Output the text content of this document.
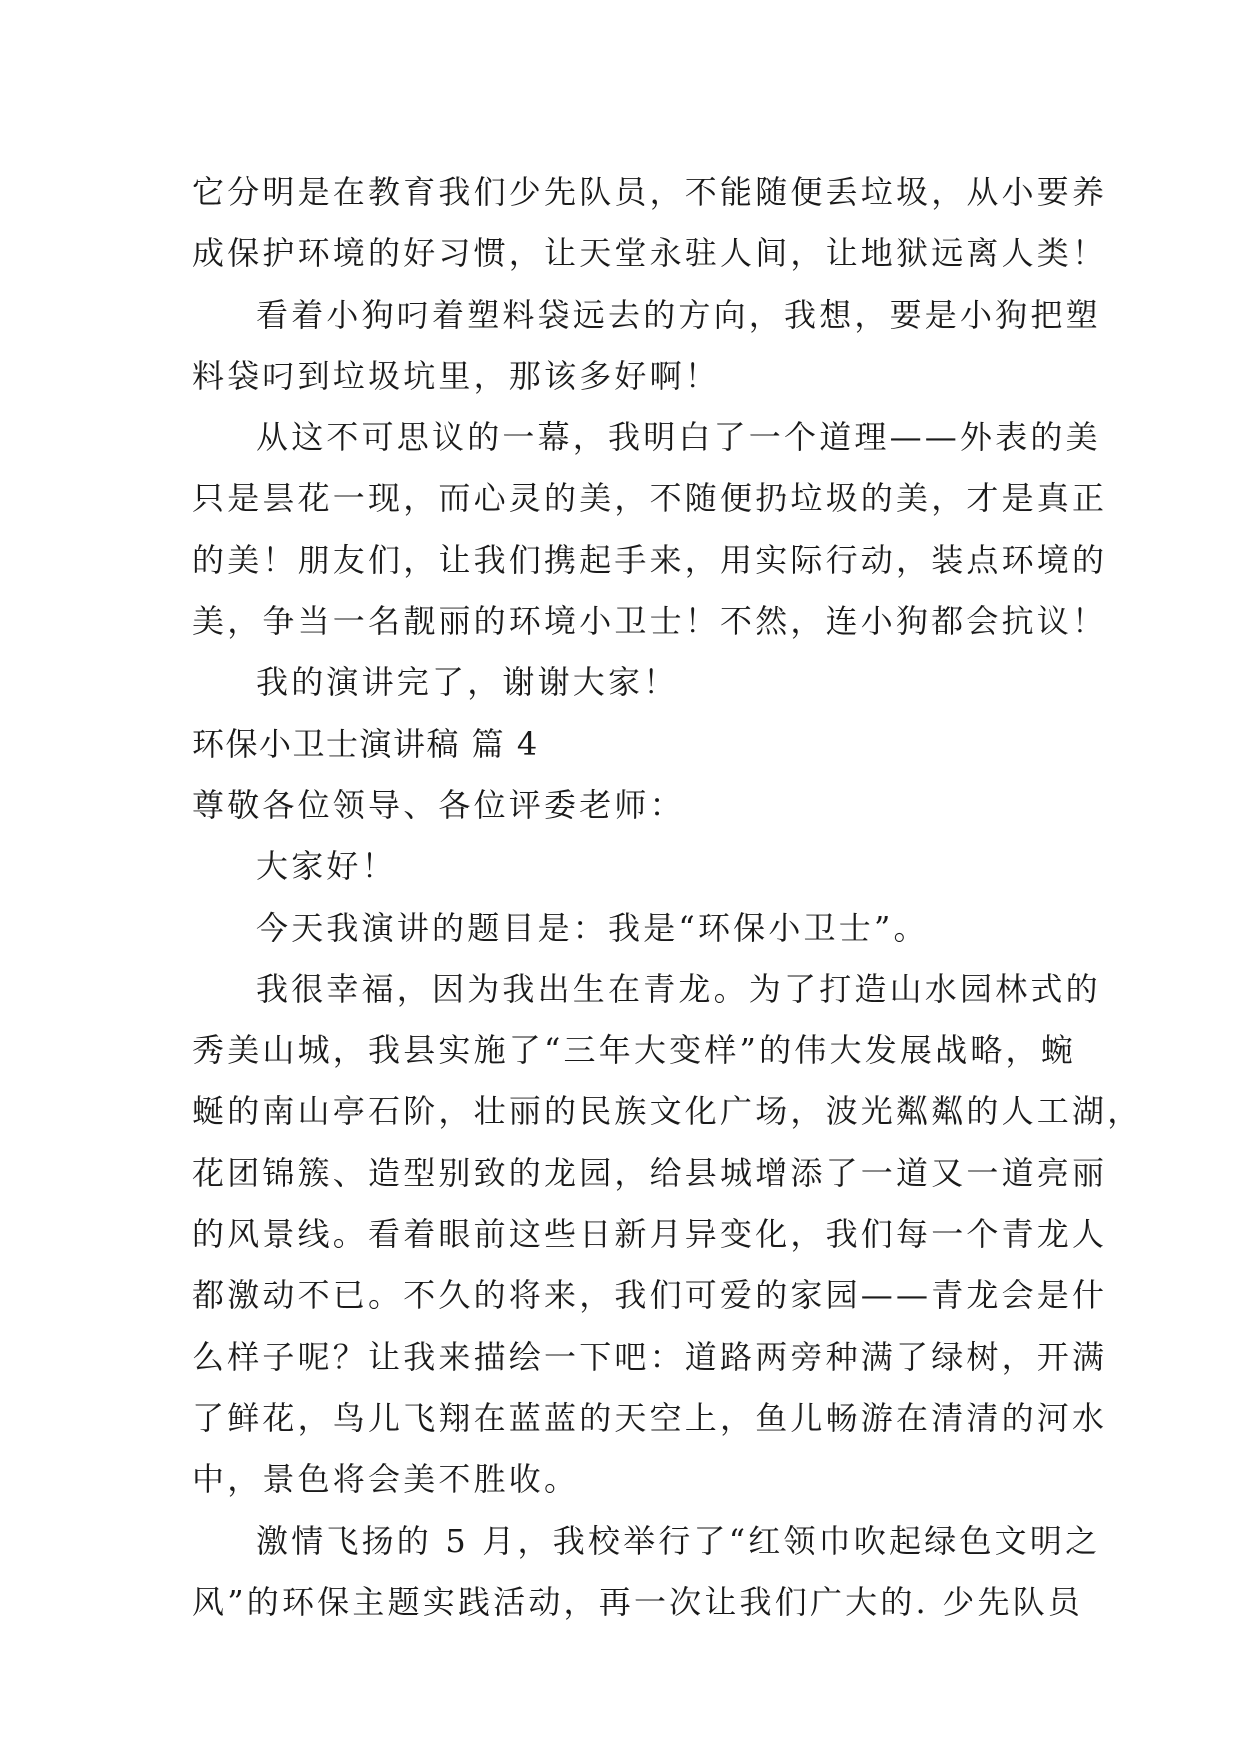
它分明是在教育我们少先队员，不能随便丢垃圾，从小要养
成保护环境的好习惯，让天堂永驻人间，让地狱远离人类！
看着小狗叼着塑料袋远去的方向，我想，要是小狗把塑
料袋叼到垃圾坑里，那该多好啊！
从这不可思议的一幕，我明白了一个道理——外表的美
只是昙花一现，而心灵的美，不随便扔垃圾的美，才是真正
的美！朋友们，让我们携起手来，用实际行动，装点环境的
美，争当一名靓丽的环境小卫士！不然，连小狗都会抗议！
我的演讲完了，谢谢大家！
环保小卫士演讲稿 篇 4
尊敬各位领导、各位评委老师：
大家好！
今天我演讲的题目是：我是“环保小卫士”。
我很幸福，因为我出生在青龙。为了打造山水园林式的
秀美山城，我县实施了“三年大变样”的伟大发展战略，蜿
蜒的南山亭石阶，壮丽的民族文化广场，波光粼粼的人工湖，
花团锦簇、造型别致的龙园，给县城增添了一道又一道亮丽
的风景线。看着眼前这些日新月异变化，我们每一个青龙人
都激动不已。不久的将来，我们可爱的家园——青龙会是什
么样子呢？让我来描绘一下吧：道路两旁种满了绿树，开满
了鲜花，鸟儿飞翔在蓝蓝的天空上，鱼儿畅游在清清的河水
中，景色将会美不胜收。
激情飞扬的 5 月，我校举行了“红领巾吹起绿色文明之
风”的环保主题实践活动，再一次让我们广大的. 少先队员
